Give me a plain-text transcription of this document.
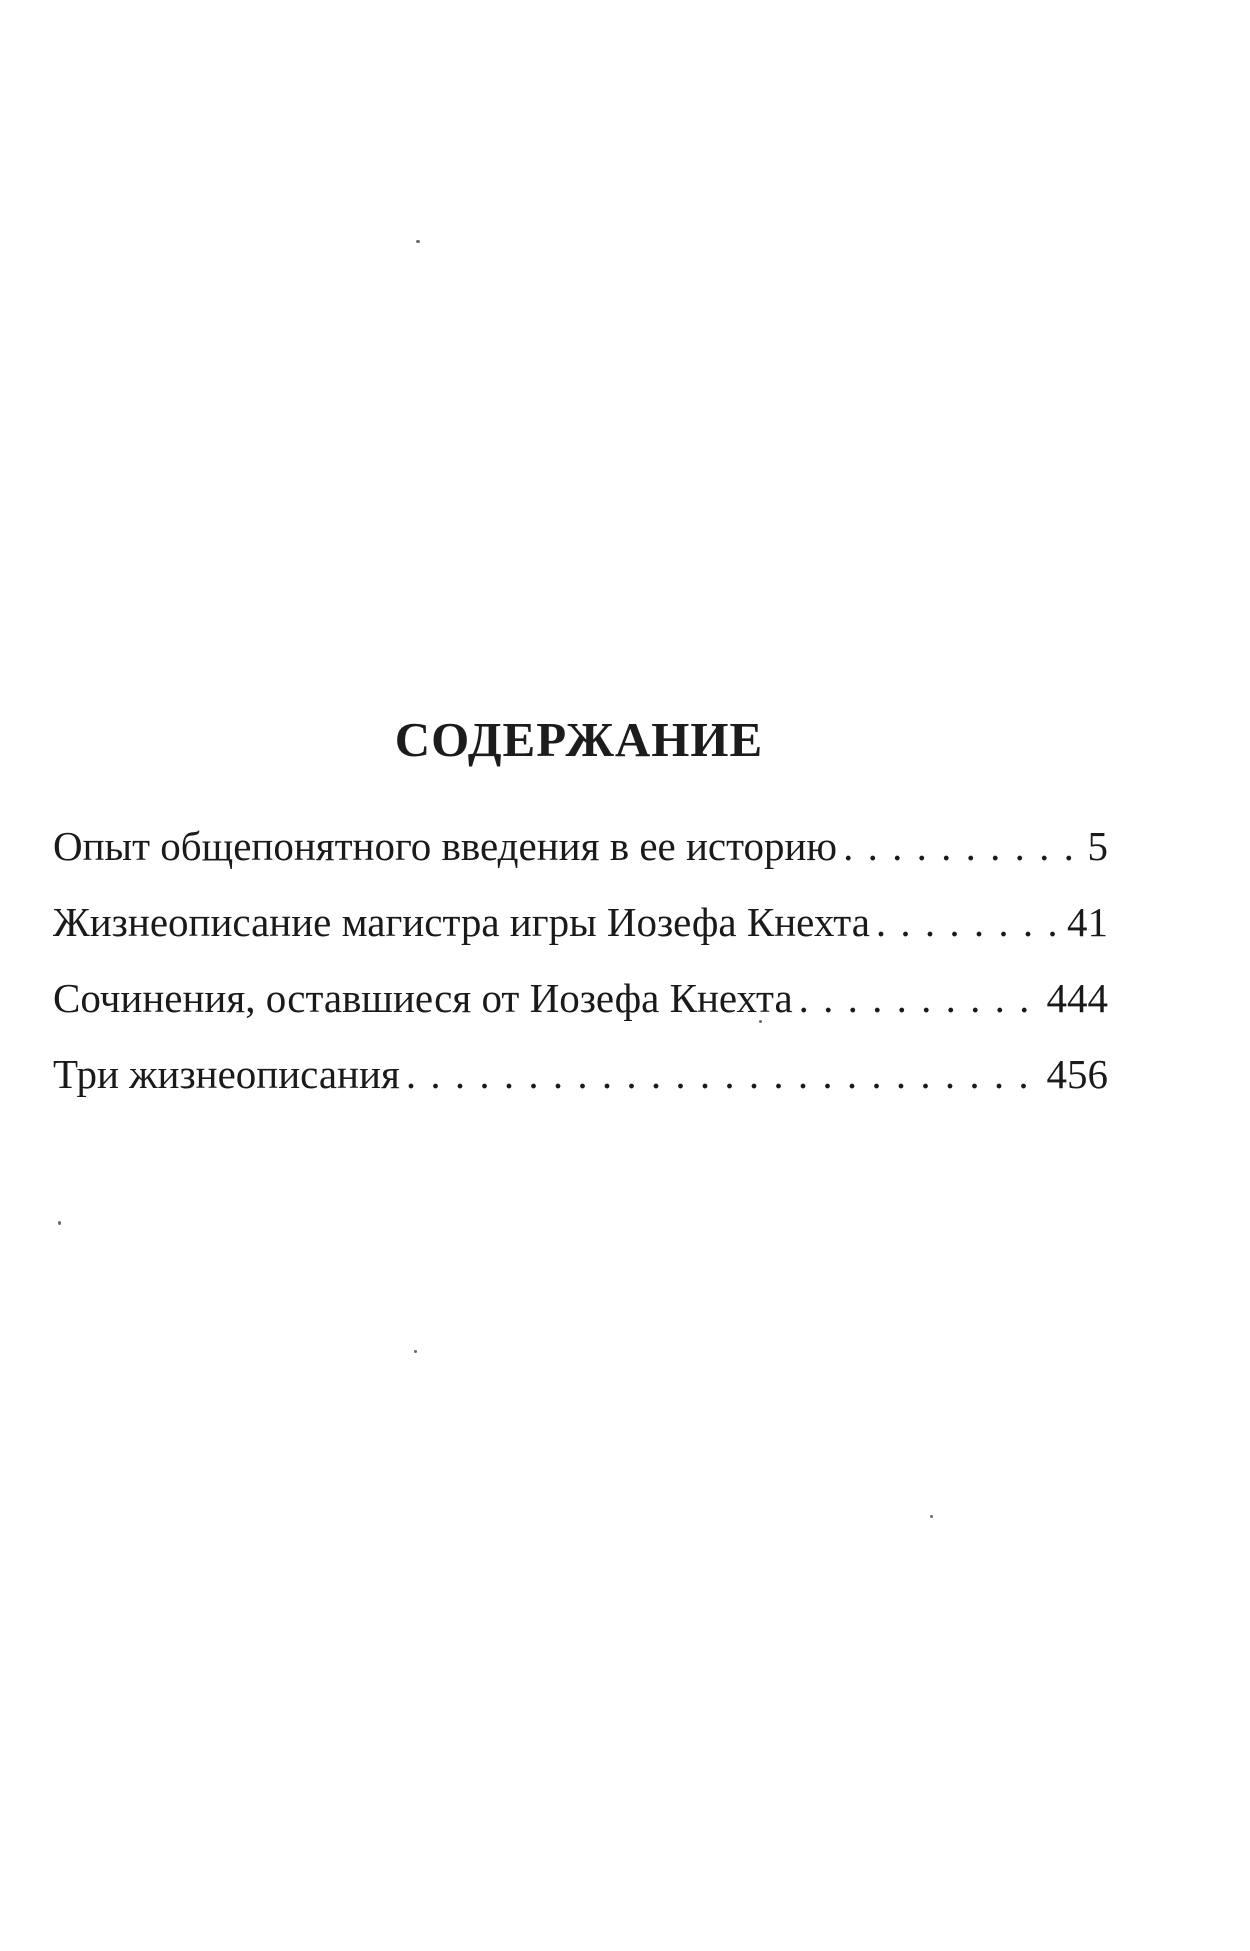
СОДЕРЖАНИЕ
Опыт общепонятного введения в ее историю . . .	5
Жизнеописание магистра игры Иозефа Кнехта . . .	41
Сочинения, оставшиеся от Иозефа Кнехта . . .	444
Три жизнеописания . . .	456
